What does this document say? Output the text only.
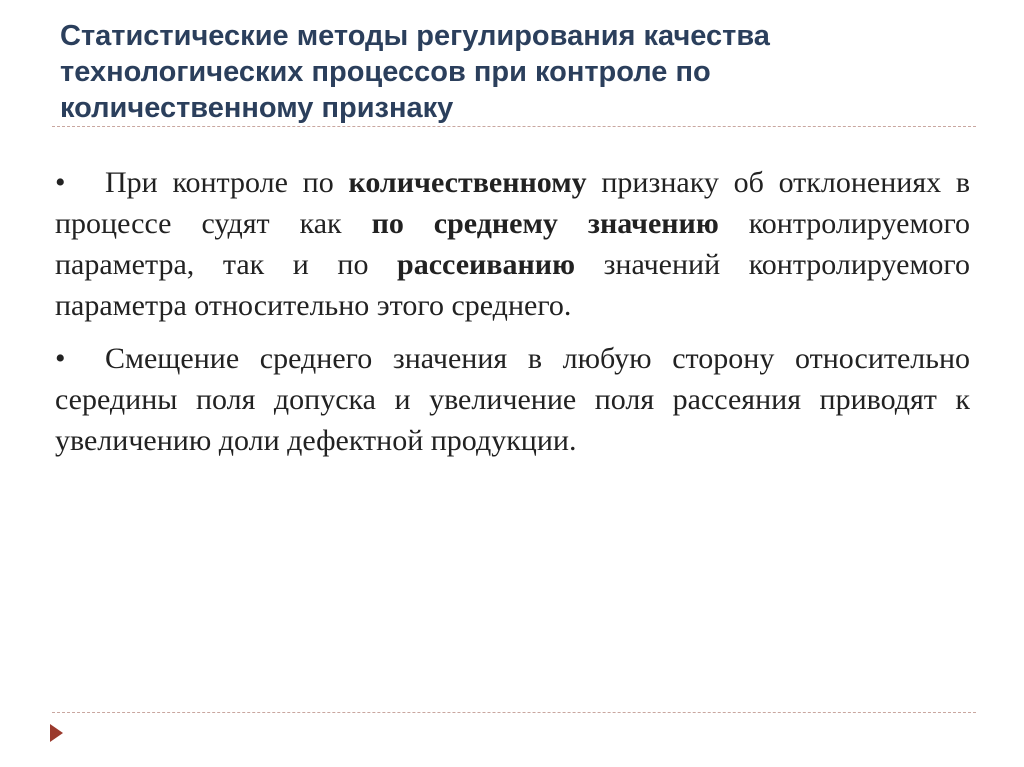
Статистические методы регулирования качества технологических процессов при контроле по количественному признаку

• При контроле по количественному признаку об отклонениях в процессе судят как по среднему значению контролируемого параметра, так и по рассеиванию значений контролируемого параметра относительно этого среднего.

• Смещение среднего значения в любую сторону относительно середины поля допуска и увеличение поля рассеяния приводят к увеличению доли дефектной продукции.
